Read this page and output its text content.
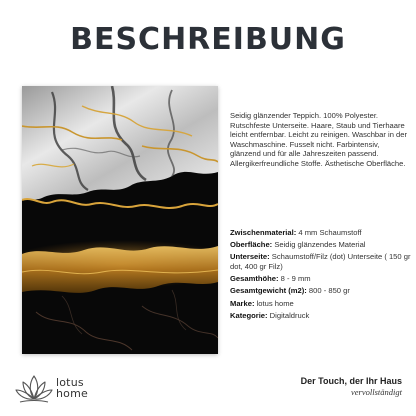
BESCHREIBUNG

Seidig glänzender Teppich. 100% Polyester. Rutschfeste Unterseite. Haare, Staub und Tierhaare leicht entfernbar. Leicht zu reinigen. Waschbar in der Waschmaschine. Fusselt nicht. Farbintensiv, glänzend und für alle Jahreszeiten passend. Allergikerfreundliche Stoffe. Ästhetische Oberfläche.

Zwischenmaterial: 4 mm Schaumstoff
Oberfläche: Seidig glänzendes Material
Unterseite: Schaumstoff/Filz (dot) Unterseite ( 150 gr dot, 400 gr Filz)
Gesamthöhe: 8 - 9 mm
Gesamtgewicht (m2): 800 - 850 gr
Marke: lotus home
Kategorie: Digitaldruck
lotus
home
Der Touch, der Ihr Haus
vervollständigt
